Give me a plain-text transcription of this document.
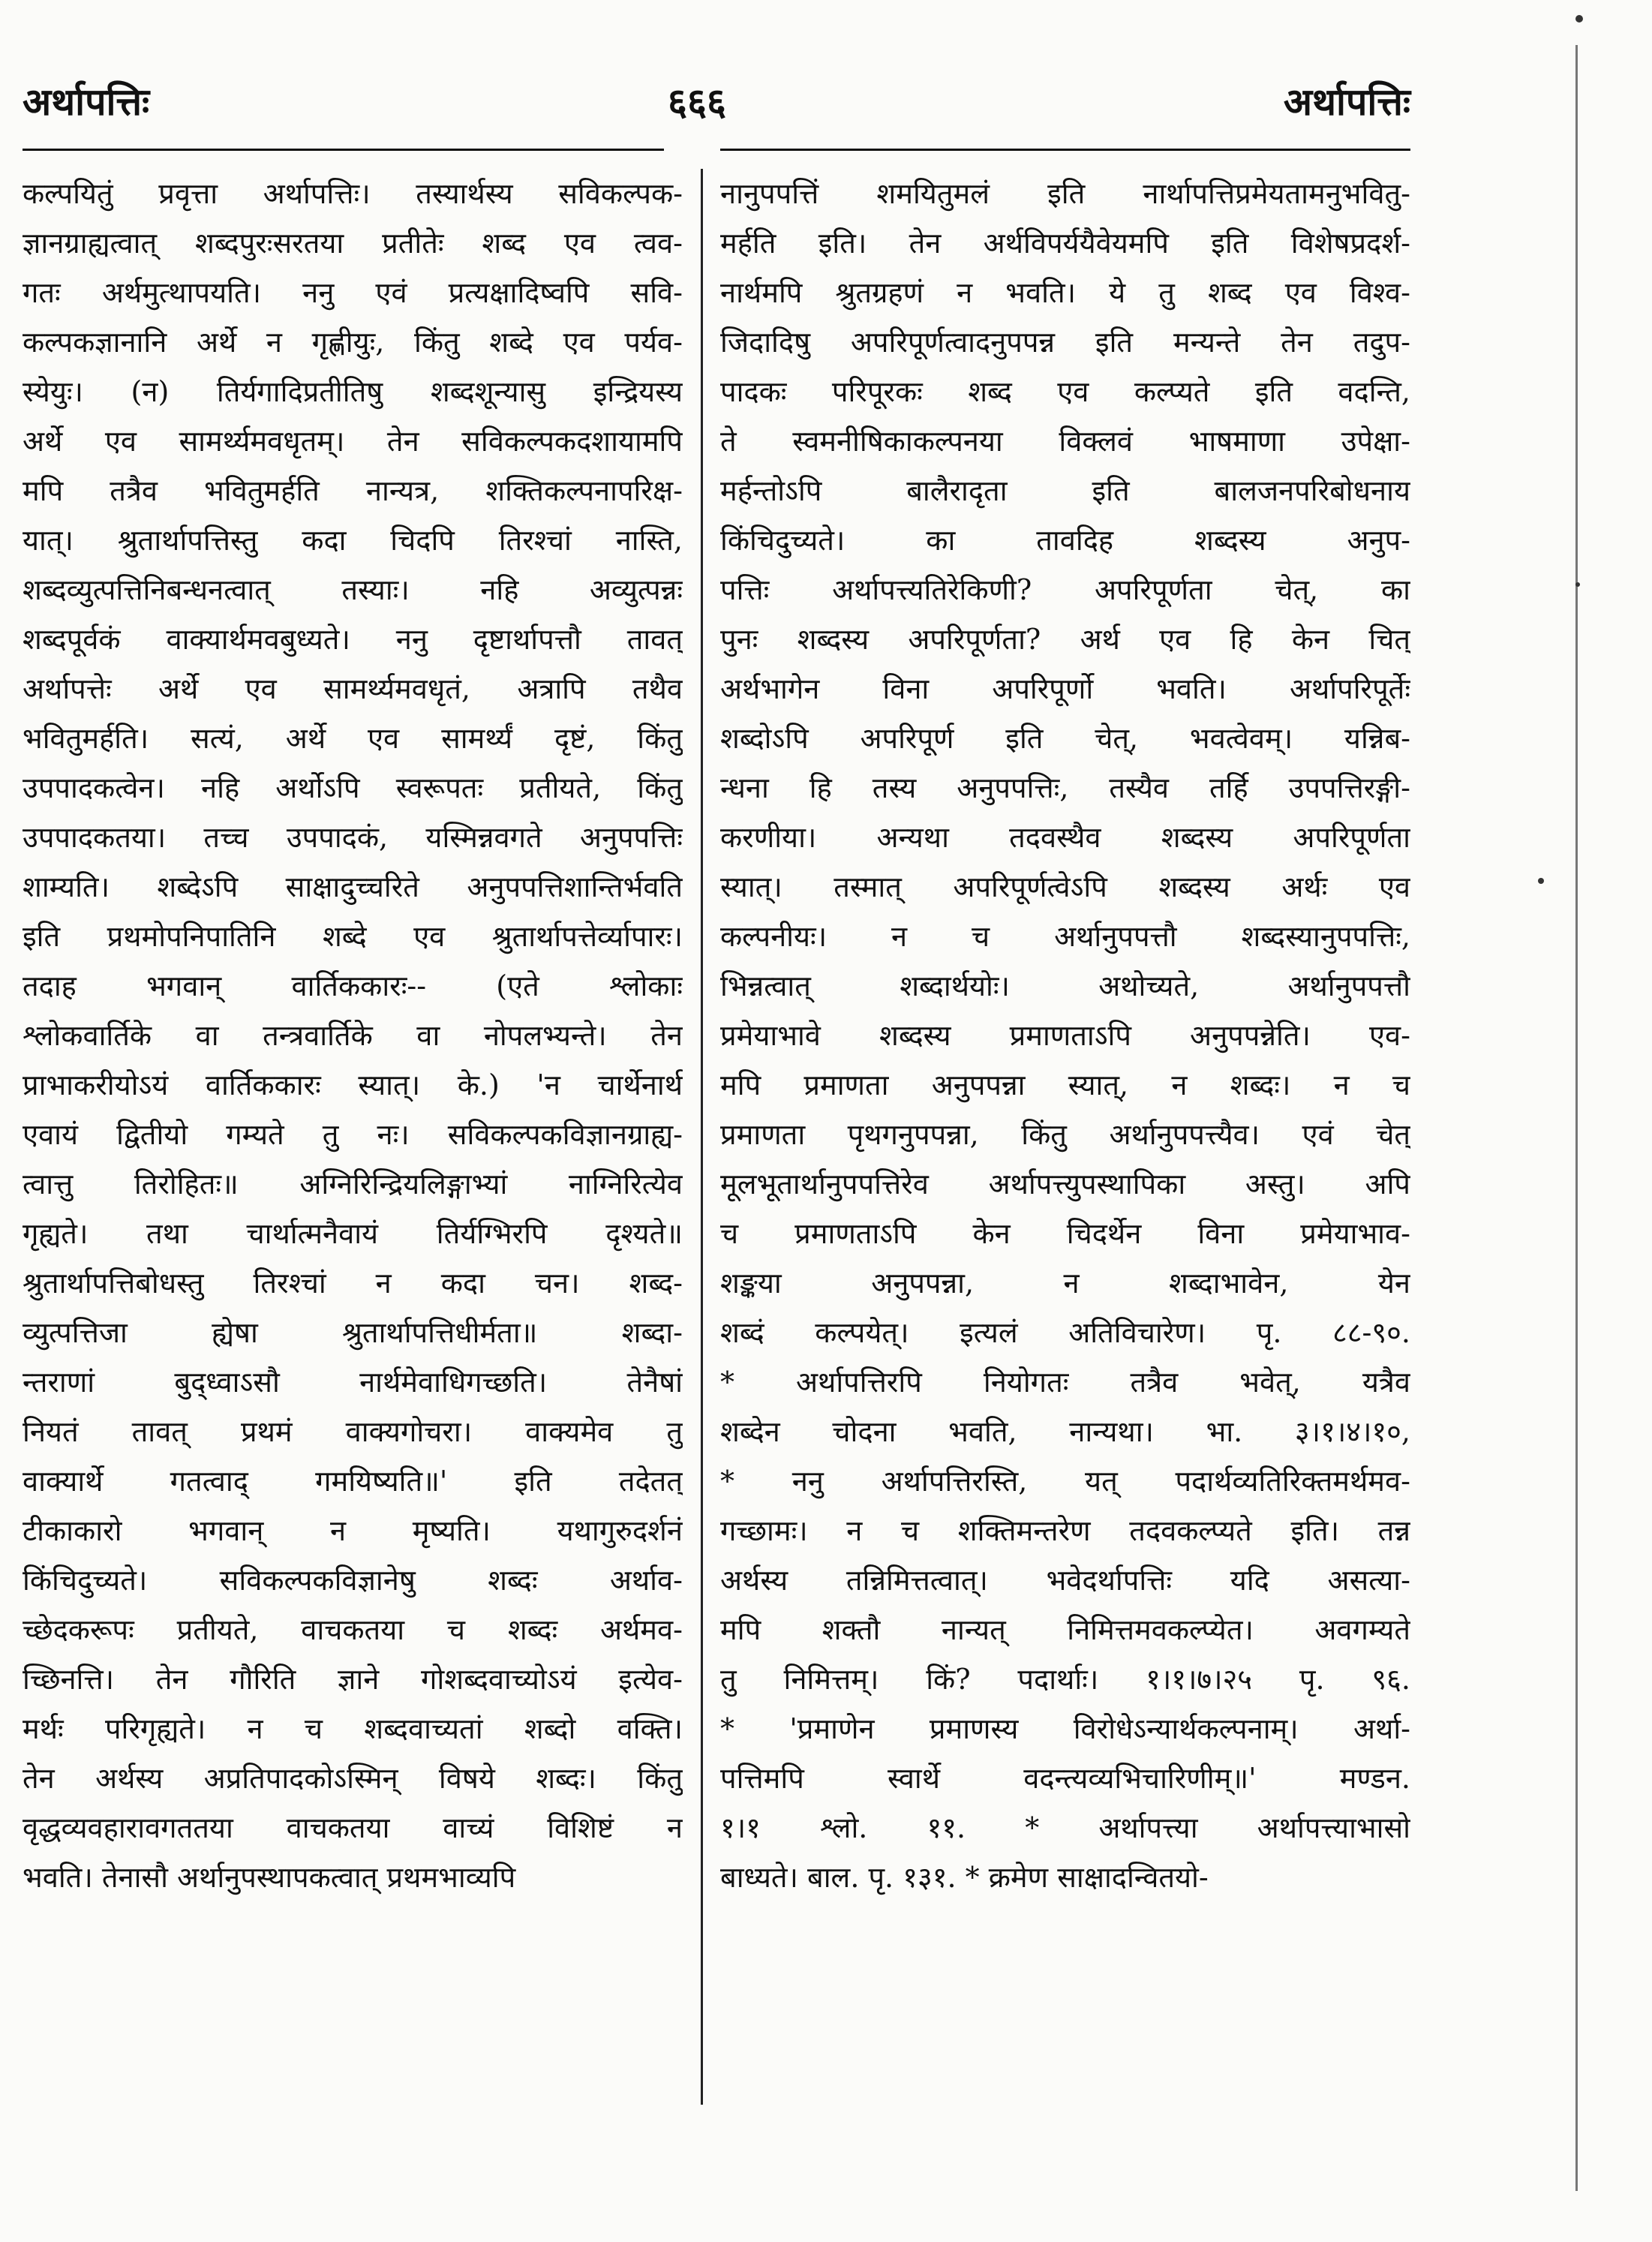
अर्थापत्तिः	६६६	अर्थापत्तिः
कल्पयितुं प्रवृत्ता अर्थापत्तिः। तस्यार्थस्य सविकल्पक-
ज्ञानग्राह्यत्वात् शब्दपुरःसरतया प्रतीतेः शब्द एव त्वव-
गतः अर्थमुत्थापयति। ननु एवं प्रत्यक्षादिष्वपि सवि-
कल्पकज्ञानानि अर्थे न गृह्णीयुः, किंतु शब्दे एव पर्यव-
स्येयुः। (न) तिर्यगादिप्रतीतिषु शब्दशून्यासु इन्द्रियस्य
अर्थे एव सामर्थ्यमवधृतम्। तेन सविकल्पकदशायामपि
मपि तत्रैव भवितुमर्हति नान्यत्र, शक्तिकल्पनापरिक्ष-
यात्। श्रुतार्थापत्तिस्तु कदा चिदपि तिरश्चां नास्ति,
शब्दव्युत्पत्तिनिबन्धनत्वात् तस्याः। नहि अव्युत्पन्नः
शब्दपूर्वकं वाक्यार्थमवबुध्यते। ननु दृष्टार्थापत्तौ तावत्
अर्थापत्तेः अर्थे एव सामर्थ्यमवधृतं, अत्रापि तथैव
भवितुमर्हति। सत्यं, अर्थे एव सामर्थ्यं दृष्टं, किंतु
उपपादकत्वेन। नहि अर्थोऽपि स्वरूपतः प्रतीयते, किंतु
उपपादकतया। तच्च उपपादकं, यस्मिन्नवगते अनुपपत्तिः
शाम्यति। शब्देऽपि साक्षादुच्चरिते अनुपपत्तिशान्तिर्भवति
इति प्रथमोपनिपातिनि शब्दे एव श्रुतार्थापत्तेर्व्यापारः।
तदाह भगवान् वार्तिककारः-- (एते श्लोकाः
श्लोकवार्तिके वा तन्त्रवार्तिके वा नोपलभ्यन्ते। तेन
प्राभाकरीयोऽयं वार्तिककारः स्यात्। के.) 'न चार्थेनार्थ
एवायं द्वितीयो गम्यते तु नः। सविकल्पकविज्ञानग्राह्य-
त्वात्तु तिरोहितः॥ अग्निरिन्द्रियलिङ्गाभ्यां नाग्निरित्येव
गृह्यते। तथा चार्थात्मनैवायं तिर्यग्भिरपि दृश्यते॥
श्रुतार्थापत्तिबोधस्तु तिरश्चां न कदा चन। शब्द-
व्युत्पत्तिजा ह्येषा श्रुतार्थापत्तिधीर्मता॥ शब्दा-
न्तराणां बुद्ध्वाऽसौ नार्थमेवाधिगच्छति। तेनैषां
नियतं तावत् प्रथमं वाक्यगोचरा। वाक्यमेव तु
वाक्यार्थे गतत्वाद् गमयिष्यति॥' इति तदेतत्
टीकाकारो भगवान् न मृष्यति। यथागुरुदर्शनं
किंचिदुच्यते। सविकल्पकविज्ञानेषु शब्दः अर्थाव-
च्छेदकरूपः प्रतीयते, वाचकतया च शब्दः अर्थमव-
च्छिनत्ति। तेन गौरिति ज्ञाने गोशब्दवाच्योऽयं इत्येव-
मर्थः परिगृह्यते। न च शब्दवाच्यतां शब्दो वक्ति।
तेन अर्थस्य अप्रतिपादकोऽस्मिन् विषये शब्दः। किंतु
वृद्धव्यवहारावगततया वाचकतया वाच्यं विशिष्टं न
भवति। तेनासौ अर्थानुपस्थापकत्वात् प्रथमभाव्यपि
नानुपपत्तिं शमयितुमलं इति नार्थापत्तिप्रमेयतामनुभवितु-
मर्हति इति। तेन अर्थविपर्ययैवेयमपि इति विशेषप्रदर्श-
नार्थमपि श्रुतग्रहणं न भवति। ये तु शब्द एव विश्व-
जिदादिषु अपरिपूर्णत्वादनुपपन्न इति मन्यन्ते तेन तदुप-
पादकः परिपूरकः शब्द एव कल्प्यते इति वदन्ति,
ते स्वमनीषिकाकल्पनया विक्लवं भाषमाणा उपेक्षा-
मर्हन्तोऽपि बालैरादृता इति बालजनपरिबोधनाय
किंचिदुच्यते। का तावदिह शब्दस्य अनुप-
पत्तिः अर्थापत्त्यतिरेकिणी? अपरिपूर्णता चेत्, का
पुनः शब्दस्य अपरिपूर्णता? अर्थ एव हि केन चित्
अर्थभागेन विना अपरिपूर्णो भवति। अर्थापरिपूर्तेः
शब्दोऽपि अपरिपूर्ण इति चेत्, भवत्वेवम्। यन्निब-
न्धना हि तस्य अनुपपत्तिः, तस्यैव तर्हि उपपत्तिरङ्गी-
करणीया। अन्यथा तदवस्थैव शब्दस्य अपरिपूर्णता
स्यात्। तस्मात् अपरिपूर्णत्वेऽपि शब्दस्य अर्थः एव
कल्पनीयः। न च अर्थानुपपत्तौ शब्दस्यानुपपत्तिः,
भिन्नत्वात् शब्दार्थयोः। अथोच्यते, अर्थानुपपत्तौ
प्रमेयाभावे शब्दस्य प्रमाणताऽपि अनुपपन्नेति। एव-
मपि प्रमाणता अनुपपन्ना स्यात्, न शब्दः। न च
प्रमाणता पृथगनुपपन्ना, किंतु अर्थानुपपत्त्यैव। एवं चेत्
मूलभूतार्थानुपपत्तिरेव अर्थापत्त्युपस्थापिका अस्तु। अपि
च प्रमाणताऽपि केन चिदर्थेन विना प्रमेयाभाव-
शङ्कया अनुपपन्ना, न शब्दाभावेन, येन
शब्दं कल्पयेत्। इत्यलं अतिविचारेण। पृ. ८८-९०.
* अर्थापत्तिरपि नियोगतः तत्रैव भवेत्, यत्रैव
शब्देन चोदना भवति, नान्यथा। भा. ३।१।४।१०,
* ननु अर्थापत्तिरस्ति, यत् पदार्थव्यतिरिक्तमर्थमव-
गच्छामः। न च शक्तिमन्तरेण तदवकल्प्यते इति। तन्न
अर्थस्य तन्निमित्तत्वात्। भवेदर्थापत्तिः यदि असत्या-
मपि शक्तौ नान्यत् निमित्तमवकल्प्येत। अवगम्यते
तु निमित्तम्। किं? पदार्थाः। १।१।७।२५ पृ. ९६.
* 'प्रमाणेन प्रमाणस्य विरोधेऽन्यार्थकल्पनाम्। अर्था-
पत्तिमपि स्वार्थे वदन्त्यव्यभिचारिणीम्॥' मण्डन.
१।१ श्लो. ११. * अर्थापत्त्या अर्थापत्त्याभासो
बाध्यते। बाल. पृ. १३१. * क्रमेण साक्षादन्वितयो-
